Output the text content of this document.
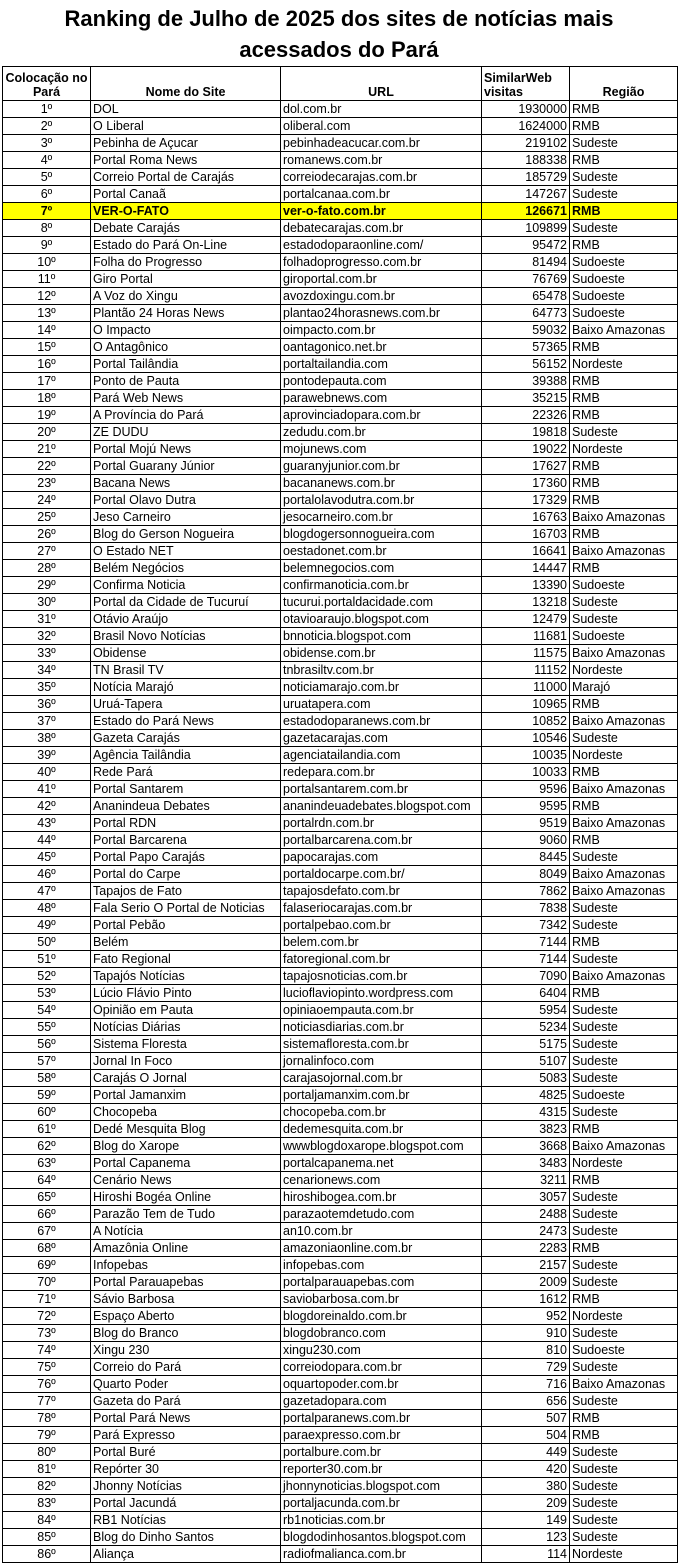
Ranking de Julho de 2025 dos sites de notícias mais
acessados do Pará
Colocação no Pará	Nome do Site	URL	SimilarWeb visitas	Região
1º	DOL	dol.com.br	1930000	RMB
2º	O Liberal	oliberal.com	1624000	RMB
3º	Pebinha de Açucar	pebinhadeacucar.com.br	219102	Sudeste
4º	Portal Roma News	romanews.com.br	188338	RMB
5º	Correio Portal de Carajás	correiodecarajas.com.br	185729	Sudeste
6º	Portal Canaã	portalcanaa.com.br	147267	Sudeste
7º	VER-O-FATO	ver-o-fato.com.br	126671	RMB
8º	Debate Carajás	debatecarajas.com.br	109899	Sudeste
9º	Estado do Pará On-Line	estadodoparaonline.com/	95472	RMB
10º	Folha do Progresso	folhadoprogresso.com.br	81494	Sudoeste
11º	Giro Portal	giroportal.com.br	76769	Sudoeste
12º	A Voz do Xingu	avozdoxingu.com.br	65478	Sudoeste
13º	Plantão 24 Horas News	plantao24horasnews.com.br	64773	Sudoeste
14º	O Impacto	oimpacto.com.br	59032	Baixo Amazonas
15º	O Antagônico	oantagonico.net.br	57365	RMB
16º	Portal Tailândia	portaltailandia.com	56152	Nordeste
17º	Ponto de Pauta	pontodepauta.com	39388	RMB
18º	Pará Web News	parawebnews.com	35215	RMB
19º	A Província do Pará	aprovinciadopara.com.br	22326	RMB
20º	ZE DUDU	zedudu.com.br	19818	Sudeste
21º	Portal Mojú News	mojunews.com	19022	Nordeste
22º	Portal Guarany Júnior	guaranyjunior.com.br	17627	RMB
23º	Bacana News	bacananews.com.br	17360	RMB
24º	Portal Olavo Dutra	portalolavodutra.com.br	17329	RMB
25º	Jeso Carneiro	jesocarneiro.com.br	16763	Baixo Amazonas
26º	Blog do Gerson Nogueira	blogdogersonnogueira.com	16703	RMB
27º	O Estado NET	oestadonet.com.br	16641	Baixo Amazonas
28º	Belém Negócios	belemnegocios.com	14447	RMB
29º	Confirma Noticia	confirmanoticia.com.br	13390	Sudoeste
30º	Portal da Cidade de Tucuruí	tucurui.portaldacidade.com	13218	Sudeste
31º	Otávio Araújo	otavioaraujo.blogspot.com	12479	Sudeste
32º	Brasil Novo Notícias	bnnoticia.blogspot.com	11681	Sudoeste
33º	Obidense	obidense.com.br	11575	Baixo Amazonas
34º	TN Brasil TV	tnbrasiltv.com.br	11152	Nordeste
35º	Notícia Marajó	noticiamarajo.com.br	11000	Marajó
36º	Uruá-Tapera	uruatapera.com	10965	RMB
37º	Estado do Pará News	estadodoparanews.com.br	10852	Baixo Amazonas
38º	Gazeta Carajás	gazetacarajas.com	10546	Sudeste
39º	Agência Tailândia	agenciatailandia.com	10035	Nordeste
40º	Rede Pará	redepara.com.br	10033	RMB
41º	Portal Santarem	portalsantarem.com.br	9596	Baixo Amazonas
42º	Ananindeua Debates	ananindeuadebates.blogspot.com	9595	RMB
43º	Portal RDN	portalrdn.com.br	9519	Baixo Amazonas
44º	Portal Barcarena	portalbarcarena.com.br	9060	RMB
45º	Portal Papo Carajás	papocarajas.com	8445	Sudeste
46º	Portal do Carpe	portaldocarpe.com.br/	8049	Baixo Amazonas
47º	Tapajos de Fato	tapajosdefato.com.br	7862	Baixo Amazonas
48º	Fala Serio O Portal de Noticias	falaseriocarajas.com.br	7838	Sudeste
49º	Portal Pebão	portalpebao.com.br	7342	Sudeste
50º	Belém	belem.com.br	7144	RMB
51º	Fato Regional	fatoregional.com.br	7144	Sudeste
52º	Tapajós Notícias	tapajosnoticias.com.br	7090	Baixo Amazonas
53º	Lúcio Flávio Pinto	lucioflaviopinto.wordpress.com	6404	RMB
54º	Opinião em Pauta	opiniaoempauta.com.br	5954	Sudeste
55º	Notícias Diárias	noticiasdiarias.com.br	5234	Sudeste
56º	Sistema Floresta	sistemafloresta.com.br	5175	Sudeste
57º	Jornal In Foco	jornalinfoco.com	5107	Sudeste
58º	Carajás O Jornal	carajasojornal.com.br	5083	Sudeste
59º	Portal Jamanxim	portaljamanxim.com.br	4825	Sudoeste
60º	Chocopeba	chocopeba.com.br	4315	Sudeste
61º	Dedé Mesquita Blog	dedemesquita.com.br	3823	RMB
62º	Blog do Xarope	wwwblogdoxarope.blogspot.com	3668	Baixo Amazonas
63º	Portal Capanema	portalcapanema.net	3483	Nordeste
64º	Cenário News	cenarionews.com	3211	RMB
65º	Hiroshi Bogéa Online	hiroshibogea.com.br	3057	Sudeste
66º	Parazão Tem de Tudo	parazaotemdetudo.com	2488	Sudeste
67º	A Notícia	an10.com.br	2473	Sudeste
68º	Amazônia Online	amazoniaonline.com.br	2283	RMB
69º	Infopebas	infopebas.com	2157	Sudeste
70º	Portal Parauapebas	portalparauapebas.com	2009	Sudeste
71º	Sávio Barbosa	saviobarbosa.com.br	1612	RMB
72º	Espaço Aberto	blogdoreinaldo.com.br	952	Nordeste
73º	Blog do Branco	blogdobranco.com	910	Sudeste
74º	Xingu 230	xingu230.com	810	Sudoeste
75º	Correio do Pará	correiodopara.com.br	729	Sudeste
76º	Quarto Poder	oquartopoder.com.br	716	Baixo Amazonas
77º	Gazeta do Pará	gazetadopara.com	656	Sudeste
78º	Portal Pará News	portalparanews.com.br	507	RMB
79º	Pará Expresso	paraexpresso.com.br	504	RMB
80º	Portal Buré	portalbure.com.br	449	Sudeste
81º	Repórter 30	reporter30.com.br	420	Sudeste
82º	Jhonny Notícias	jhonnynoticias.blogspot.com	380	Sudeste
83º	Portal Jacundá	portaljacunda.com.br	209	Sudeste
84º	RB1 Notícias	rb1noticias.com.br	149	Sudeste
85º	Blog do Dinho Santos	blogdodinhosantos.blogspot.com	123	Sudeste
86º	Aliança	radiofmalianca.com.br	114	Nordeste
